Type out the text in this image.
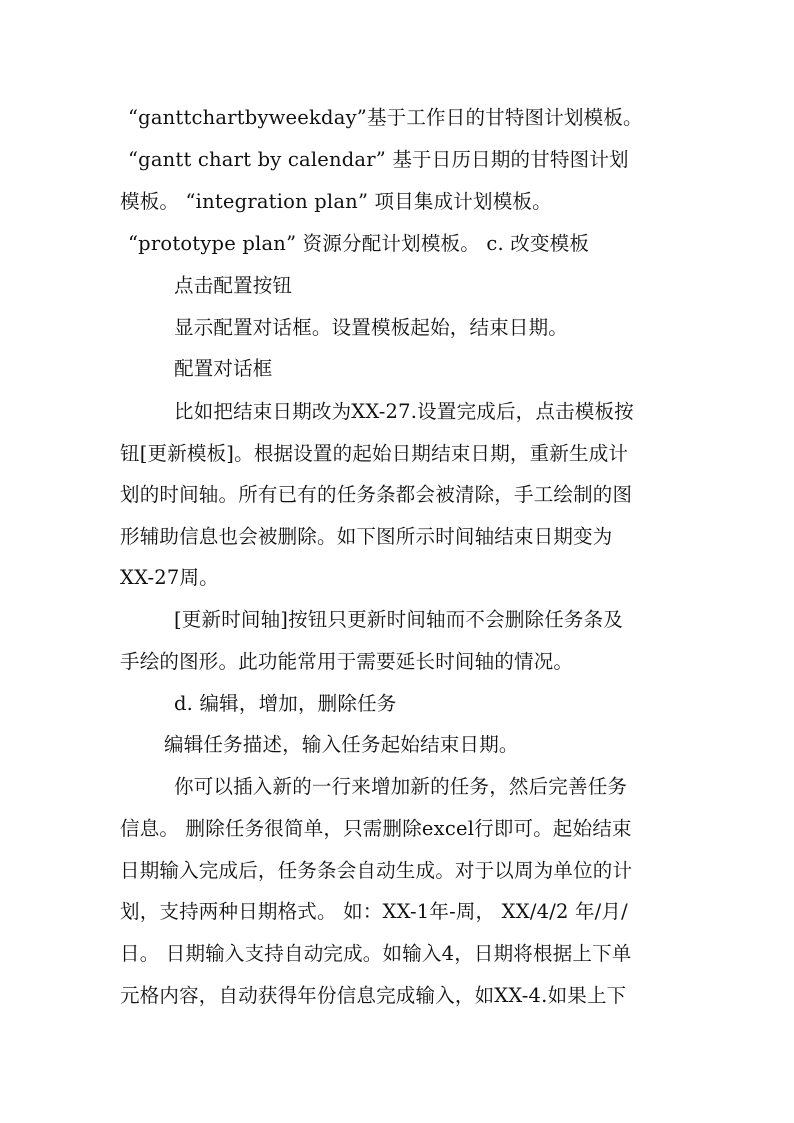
“ganttchartbyweekday”基于工作日的甘特图计划模板。
“gantt chart by calendar” 基于日历日期的甘特图计划
模板。 “integration plan” 项目集成计划模板。
“prototype plan” 资源分配计划模板。 c. 改变模板
点击配置按钮
显示配置对话框。设置模板起始，结束日期。
配置对话框
比如把结束日期改为XX-27.设置完成后，点击模板按
钮[更新模板]。根据设置的起始日期结束日期，重新生成计
划的时间轴。所有已有的任务条都会被清除，手工绘制的图
形辅助信息也会被删除。如下图所示时间轴结束日期变为
XX-27周。
[更新时间轴]按钮只更新时间轴而不会删除任务条及
手绘的图形。此功能常用于需要延长时间轴的情况。
d. 编辑，增加，删除任务
编辑任务描述，输入任务起始结束日期。
你可以插入新的一行来增加新的任务，然后完善任务
信息。 删除任务很简单，只需删除excel行即可。起始结束
日期输入完成后，任务条会自动生成。对于以周为单位的计
划，支持两种日期格式。 如：XX-1年-周， XX/4/2 年/月/
日。 日期输入支持自动完成。如输入4，日期将根据上下单
元格内容，自动获得年份信息完成输入，如XX-4.如果上下
